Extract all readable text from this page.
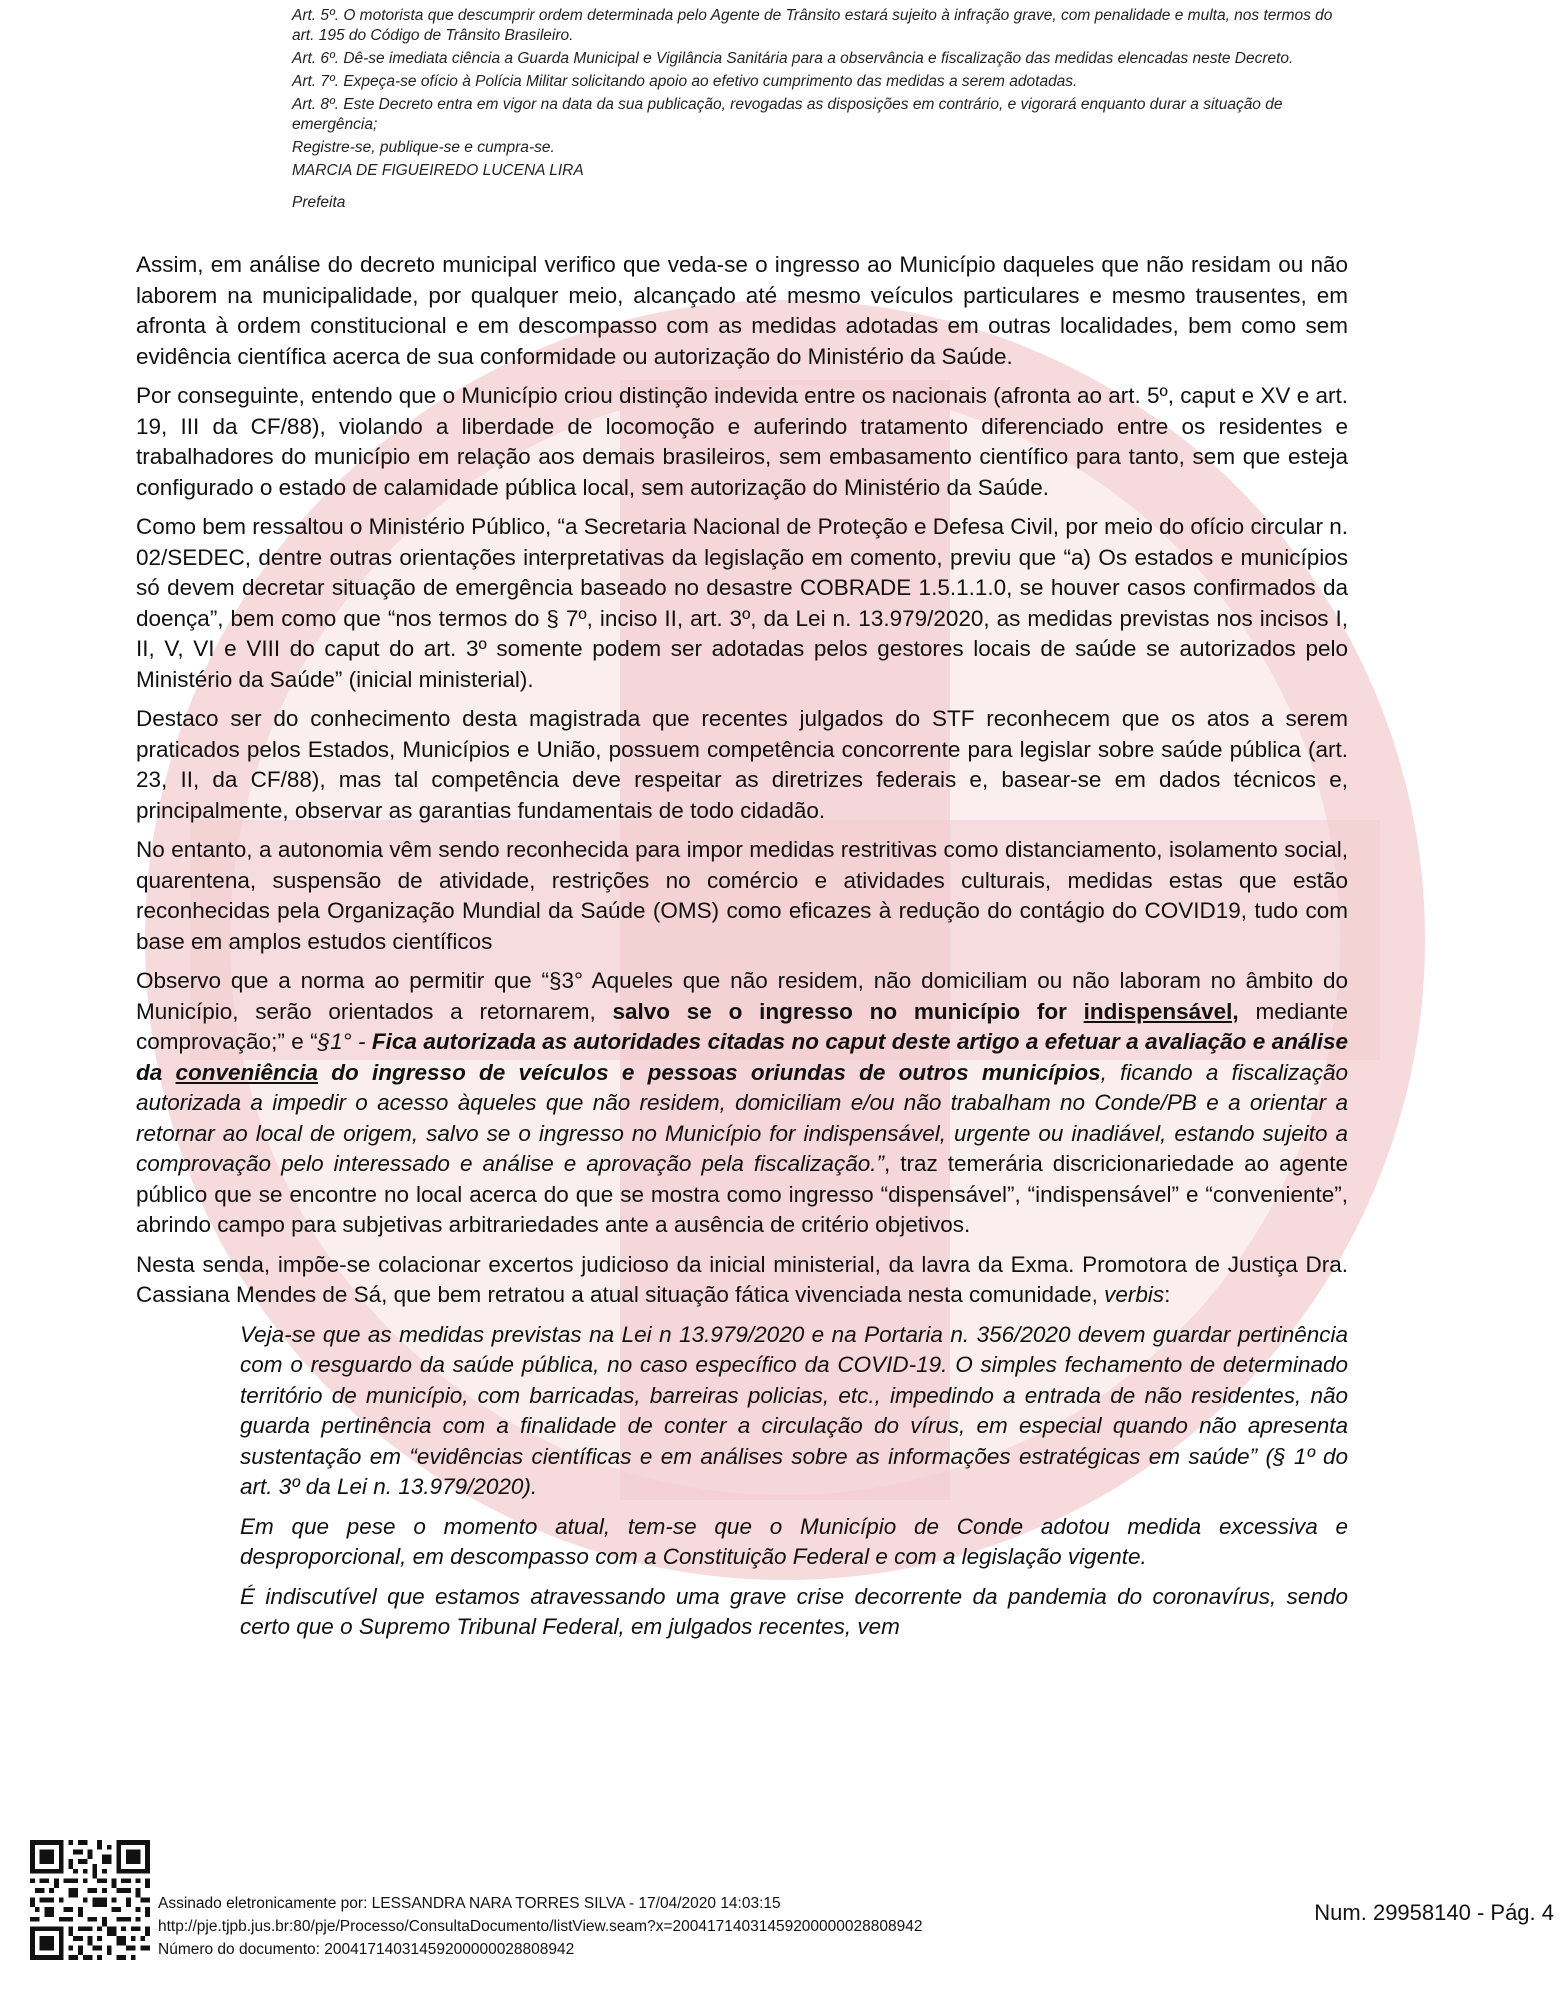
Art. 5º. O motorista que descumprir ordem determinada pelo Agente de Trânsito estará sujeito à infração grave, com penalidade e multa, nos termos do art. 195 do Código de Trânsito Brasileiro.

Art. 6º. Dê-se imediata ciência a Guarda Municipal e Vigilância Sanitária para a observância e fiscalização das medidas elencadas neste Decreto.

Art. 7º. Expeça-se ofício à Polícia Militar solicitando apoio ao efetivo cumprimento das medidas a serem adotadas.

Art. 8º. Este Decreto entra em vigor na data da sua publicação, revogadas as disposições em contrário, e vigorará enquanto durar a situação de emergência;

Registre-se, publique-se e cumpra-se.

MARCIA DE FIGUEIREDO LUCENA LIRA

Prefeita

Assim, em análise do decreto municipal verifico que veda-se o ingresso ao Município daqueles que não residam ou não laborem na municipalidade, por qualquer meio, alcançado até mesmo veículos particulares e mesmo trausentes, em afronta à ordem constitucional e em descompasso com as medidas adotadas em outras localidades, bem como sem evidência científica acerca de sua conformidade ou autorização do Ministério da Saúde.

Por conseguinte, entendo que o Município criou distinção indevida entre os nacionais (afronta ao art. 5º, caput e XV e art. 19, III da CF/88), violando a liberdade de locomoção e auferindo tratamento diferenciado entre os residentes e trabalhadores do município em relação aos demais brasileiros, sem embasamento científico para tanto, sem que esteja configurado o estado de calamidade pública local, sem autorização do Ministério da Saúde.

Como bem ressaltou o Ministério Público, “a Secretaria Nacional de Proteção e Defesa Civil, por meio do ofício circular n. 02/SEDEC, dentre outras orientações interpretativas da legislação em comento, previu que “a) Os estados e municípios só devem decretar situação de emergência baseado no desastre COBRADE 1.5.1.1.0, se houver casos confirmados da doença”, bem como que “nos termos do § 7º, inciso II, art. 3º, da Lei n. 13.979/2020, as medidas previstas nos incisos I, II, V, VI e VIII do caput do art. 3º somente podem ser adotadas pelos gestores locais de saúde se autorizados pelo Ministério da Saúde” (inicial ministerial).

Destaco ser do conhecimento desta magistrada que recentes julgados do STF reconhecem que os atos a serem praticados pelos Estados, Municípios e União, possuem competência concorrente para legislar sobre saúde pública (art. 23, II, da CF/88), mas tal competência deve respeitar as diretrizes federais e, basear-se em dados técnicos e, principalmente, observar as garantias fundamentais de todo cidadão.

No entanto, a autonomia vêm sendo reconhecida para impor medidas restritivas como distanciamento, isolamento social, quarentena, suspensão de atividade, restrições no comércio e atividades culturais, medidas estas que estão reconhecidas pela Organização Mundial da Saúde (OMS) como eficazes à redução do contágio do COVID19, tudo com base em amplos estudos científicos

Observo que a norma ao permitir que “§3° Aqueles que não residem, não domiciliam ou não laboram no âmbito do Município, serão orientados a retornarem, salvo se o ingresso no município for indispensável, mediante comprovação;” e “§1° - Fica autorizada as autoridades citadas no caput deste artigo a efetuar a avaliação e análise da conveniência do ingresso de veículos e pessoas oriundas de outros municípios, ficando a fiscalização autorizada a impedir o acesso àqueles que não residem, domiciliam e/ou não trabalham no Conde/PB e a orientar a retornar ao local de origem, salvo se o ingresso no Município for indispensável, urgente ou inadiável, estando sujeito a comprovação pelo interessado e análise e aprovação pela fiscalização.”, traz temerária discricionariedade ao agente público que se encontre no local acerca do que se mostra como ingresso “dispensável”, “indispensável” e “conveniente”, abrindo campo para subjetivas arbitrariedades ante a ausência de critério objetivos.

Nesta senda, impõe-se colacionar excertos judicioso da inicial ministerial, da lavra da Exma. Promotora de Justiça Dra. Cassiana Mendes de Sá, que bem retratou a atual situação fática vivenciada nesta comunidade, verbis:

Veja-se que as medidas previstas na Lei n 13.979/2020 e na Portaria n. 356/2020 devem guardar pertinência com o resguardo da saúde pública, no caso específico da COVID-19. O simples fechamento de determinado território de município, com barricadas, barreiras policias, etc., impedindo a entrada de não residentes, não guarda pertinência com a finalidade de conter a circulação do vírus, em especial quando não apresenta sustentação em “evidências científicas e em análises sobre as informações estratégicas em saúde” (§ 1º do art. 3º da Lei n. 13.979/2020).

Em que pese o momento atual, tem-se que o Município de Conde adotou medida excessiva e desproporcional, em descompasso com a Constituição Federal e com a legislação vigente.

É indiscutível que estamos atravessando uma grave crise decorrente da pandemia do coronavírus, sendo certo que o Supremo Tribunal Federal, em julgados recentes, vem

Assinado eletronicamente por: LESSANDRA NARA TORRES SILVA - 17/04/2020 14:03:15
http://pje.tjpb.jus.br:80/pje/Processo/ConsultaDocumento/listView.seam?x=20041714031459200000028808942
Número do documento: 20041714031459200000028808942
Num. 29958140 - Pág. 4
